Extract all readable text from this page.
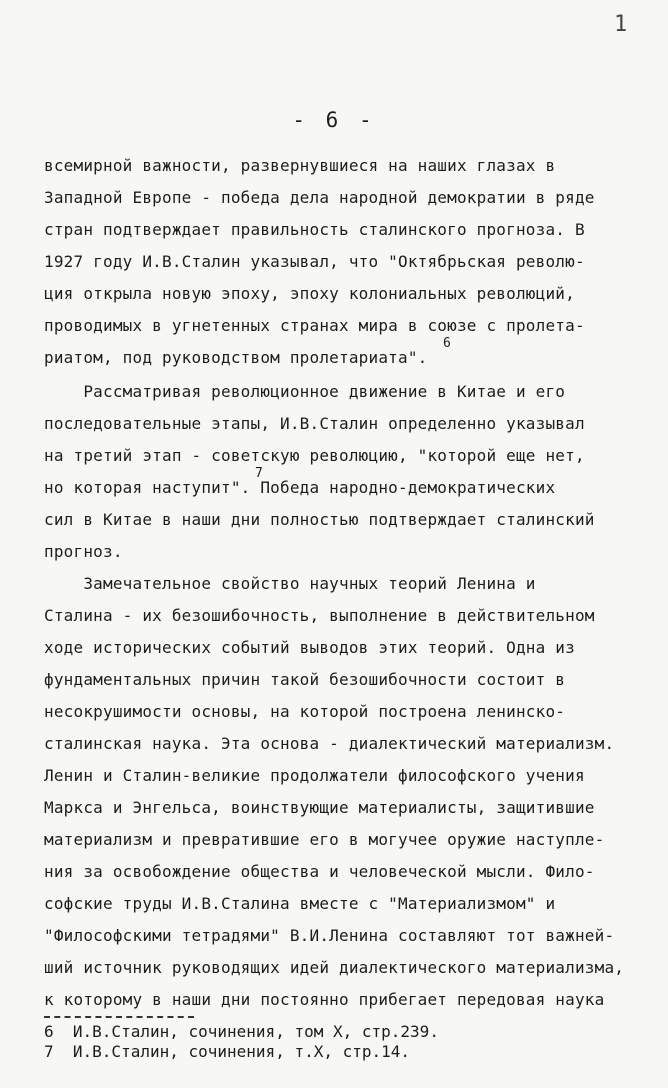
1
- 6 -
всемирной важности, развернувшиеся на наших глазах в
Западной Европе - победа дела народной демократии в ряде
стран подтверждает правильность сталинского прогноза. В
1927 году И.В.Сталин указывал, что "Октябрьская револю-
ция открыла новую эпоху, эпоху колониальных революций,
проводимых в угнетенных странах мира в союзе с пролета-
риатом, под руководством пролетариата".
Рассматривая революционное движение в Китае и его
последовательные этапы, И.В.Сталин определенно указывал
на третий этап - советскую революцию, "которой еще нет,
но которая наступит". Победа народно-демократических
сил в Китае в наши дни полностью подтверждает сталинский
прогноз.
Замечательное свойство научных теорий Ленина и
Сталина - их безошибочность, выполнение в действительном
ходе исторических событий выводов этих теорий. Одна из
фундаментальных причин такой безошибочности состоит в
несокрушимости основы, на которой построена ленинско-
сталинская наука. Эта основа - диалектический материализм.
Ленин и Сталин-великие продолжатели философского учения
Маркса и Энгельса, воинствующие материалисты, защитившие
материализм и превратившие его в могучее оружие наступле-
ния за освобождение общества и человеческой мысли. Фило-
софские труды И.В.Сталина вместе с "Материализмом" и
"Философскими тетрадями" В.И.Ленина составляют тот важней-
ший источник руководящих идей диалектического материализма,
к которому в наши дни постоянно прибегает передовая наука
6
7
6  И.В.Сталин, сочинения, том X, стр.239.
7  И.В.Сталин, сочинения, т.X, стр.14.
